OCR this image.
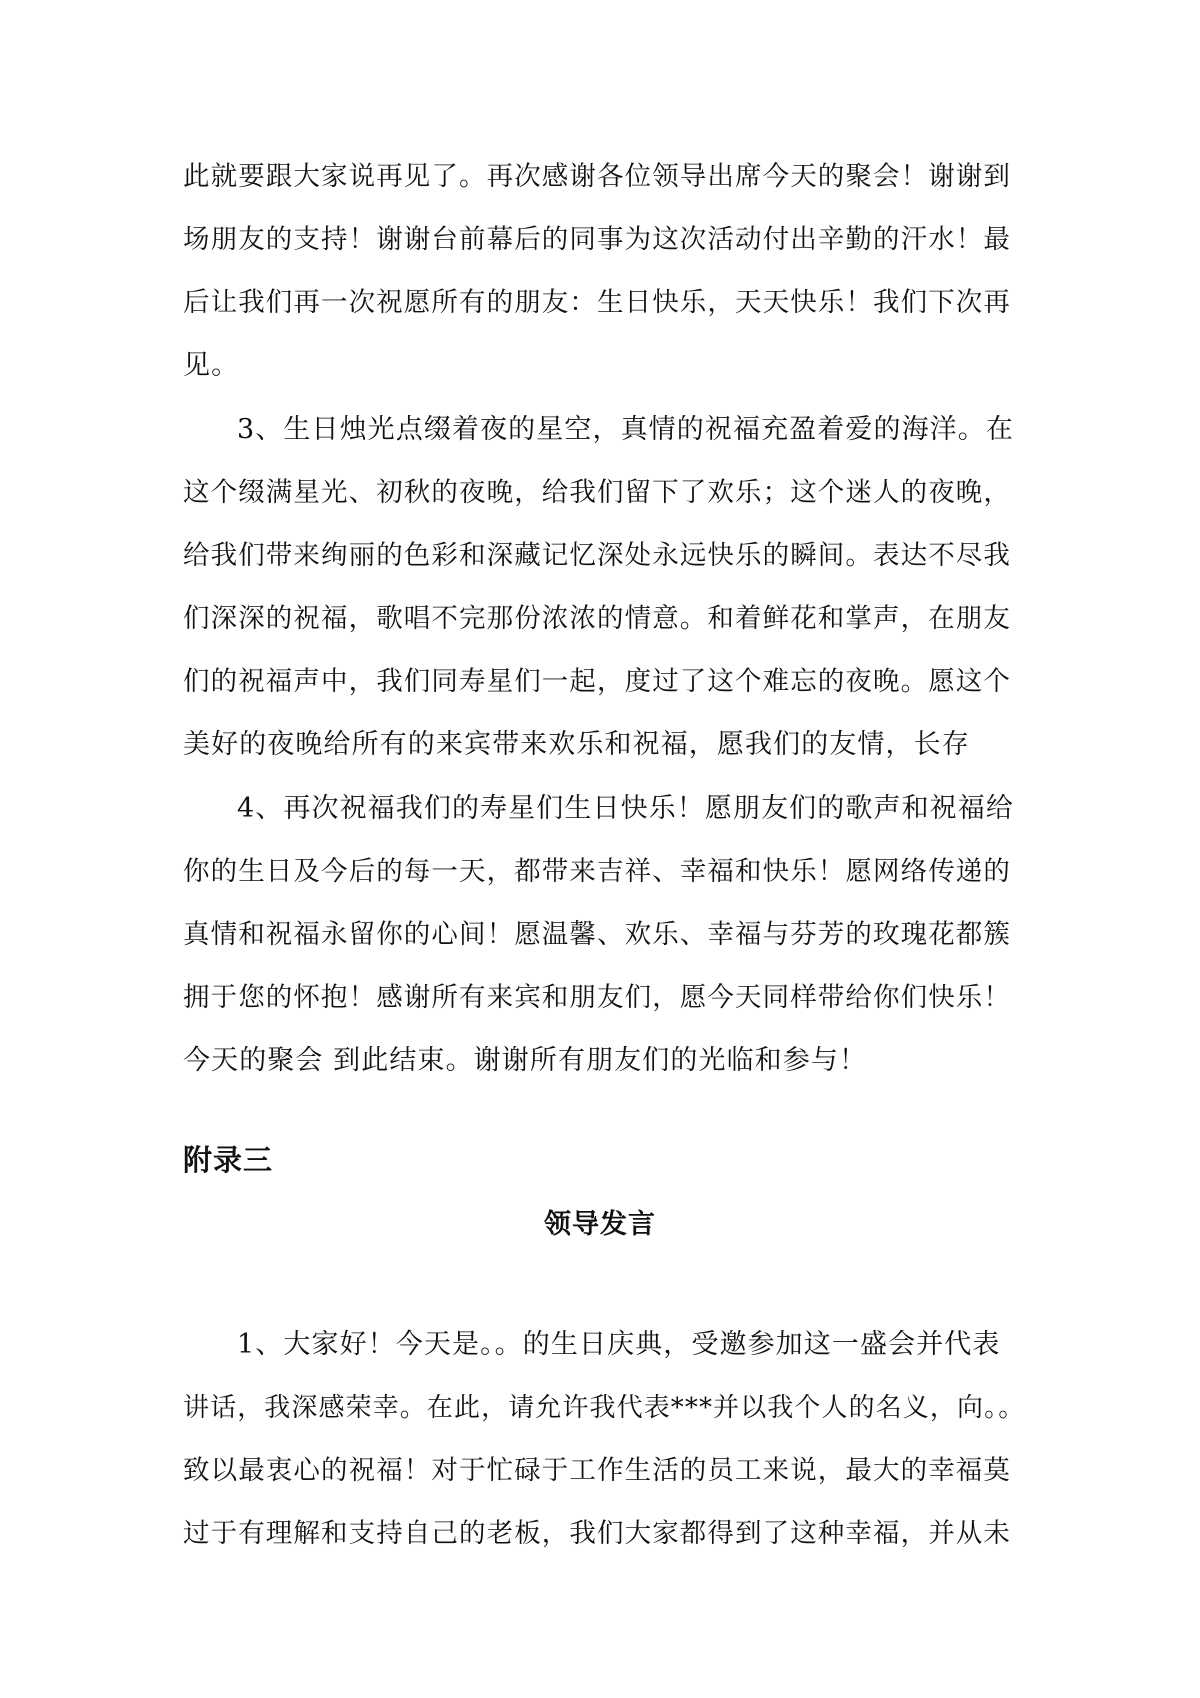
此就要跟大家说再见了。再次感谢各位领导出席今天的聚会！谢谢到
场朋友的支持！谢谢台前幕后的同事为这次活动付出辛勤的汗水！最
后让我们再一次祝愿所有的朋友：生日快乐，天天快乐！我们下次再
见。
3、生日烛光点缀着夜的星空，真情的祝福充盈着爱的海洋。在
这个缀满星光、初秋的夜晚，给我们留下了欢乐；这个迷人的夜晚，
给我们带来绚丽的色彩和深藏记忆深处永远快乐的瞬间。表达不尽我
们深深的祝福，歌唱不完那份浓浓的情意。和着鲜花和掌声，在朋友
们的祝福声中，我们同寿星们一起，度过了这个难忘的夜晚。愿这个
美好的夜晚给所有的来宾带来欢乐和祝福，愿我们的友情，长存
4、再次祝福我们的寿星们生日快乐！愿朋友们的歌声和祝福给
你的生日及今后的每一天，都带来吉祥、幸福和快乐！愿网络传递的
真情和祝福永留你的心间！愿温馨、欢乐、幸福与芬芳的玫瑰花都簇
拥于您的怀抱！感谢所有来宾和朋友们，愿今天同样带给你们快乐！
今天的聚会 到此结束。谢谢所有朋友们的光临和参与！
附录三
领导发言
1、大家好！今天是。。的生日庆典，受邀参加这一盛会并代表
讲话，我深感荣幸。在此，请允许我代表***并以我个人的名义，向。。
致以最衷心的祝福！对于忙碌于工作生活的员工来说，最大的幸福莫
过于有理解和支持自己的老板，我们大家都得到了这种幸福，并从未
